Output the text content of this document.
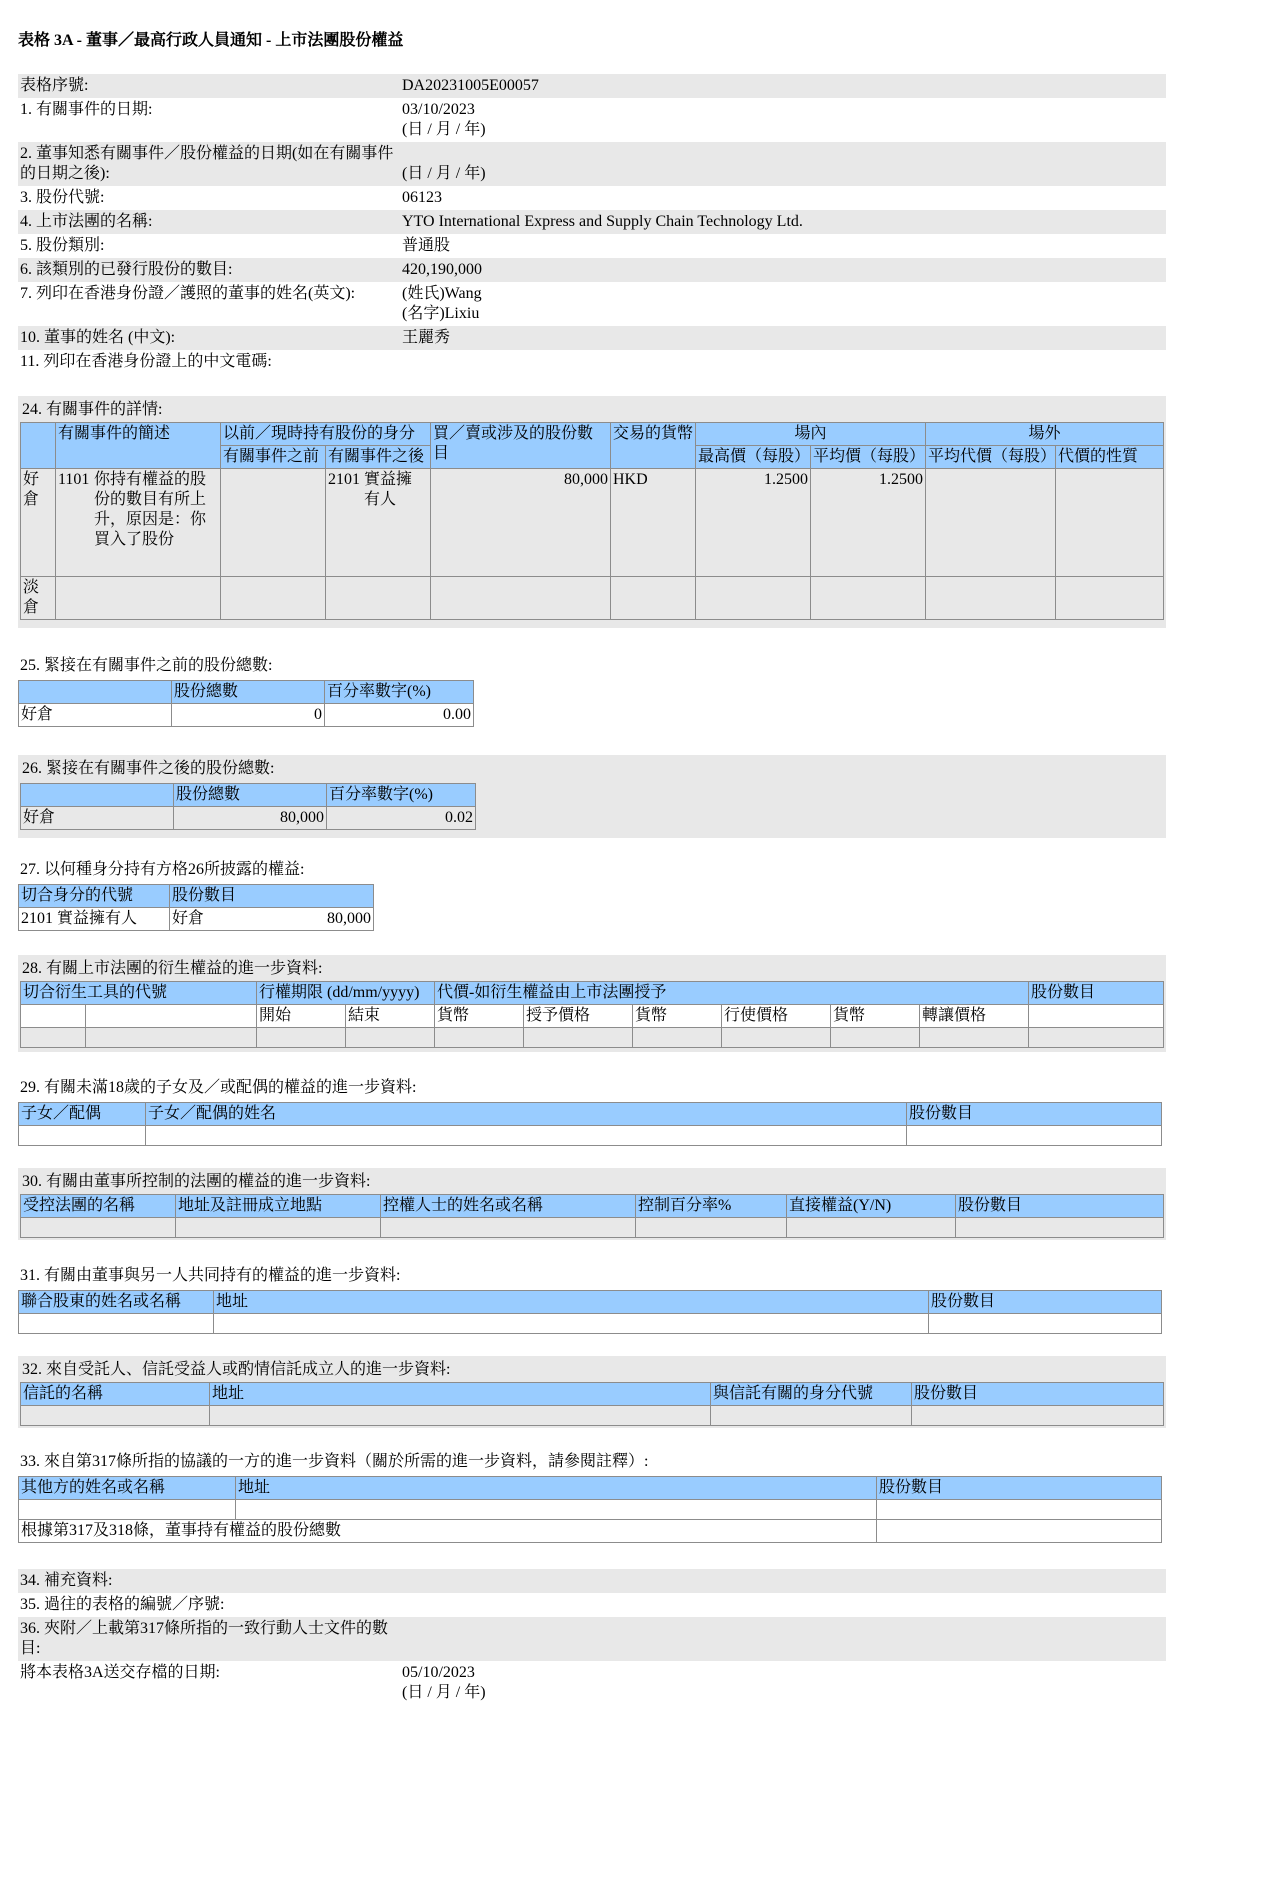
表格 3A - 董事／最高行政人員通知 - 上市法團股份權益
表格序號:	DA20231005E00057
1. 有關事件的日期:	03/10/2023
(日 / 月 / 年)

2. 董事知悉有關事件／股份權益的日期(如在有關事件的日期之後):	(日 / 月 / 年)

3. 股份代號:	06123
4. 上市法團的名稱:	YTO International Express and Supply Chain Technology Ltd.
5. 股份類別:	普通股
6. 該類別的已發行股份的數目:	420,190,000
7. 列印在香港身份證／護照的董事的姓名(英文):	(姓氏)Wang
(名字)Lixiu

10. 董事的姓名 (中文):	王麗秀
11. 列印在香港身份證上的中文電碼:	
24. 有關事件的詳情:
	有關事件的簡述	以前／現時持有股份的身分		買／賣或涉及的股份數目	交易的貨幣	場內		場外	
		有關事件之前	有關事件之後			最高價（每股）	平均價（每股）	平均代價（每股）	代價的性質
好倉	1101 你持有權益的股份的數目有所上升，原因是：你買入了股份		2101 實益擁有人	80,000	HKD	1.2500	1.2500		
淡倉									
25. 緊接在有關事件之前的股份總數:
	股份總數	百分率數字(%)
好倉	0	0.00
26. 緊接在有關事件之後的股份總數:
	股份總數	百分率數字(%)
好倉	80,000	0.02
27. 以何種身分持有方格26所披露的權益:
切合身分的代號	股份數目	
2101 實益擁有人	好倉	80,000
28. 有關上市法團的衍生權益的進一步資料:
切合衍生工具的代號		行權期限 (dd/mm/yyyy)		代價-如衍生權益由上市法團授予						股份數目
		開始	結束	貨幣	授予價格	貨幣	行使價格	貨幣	轉讓價格	

29. 有關未滿18歲的子女及／或配偶的權益的進一步資料:
子女／配偶	子女／配偶的姓名	股份數目

30. 有關由董事所控制的法團的權益的進一步資料:
受控法團的名稱	地址及註冊成立地點	控權人士的姓名或名稱	控制百分率%	直接權益(Y/N)	股份數目

31. 有關由董事與另一人共同持有的權益的進一步資料:
聯合股東的姓名或名稱	地址	股份數目

32. 來自受託人、信託受益人或酌情信託成立人的進一步資料:
信託的名稱	地址	與信託有關的身分代號	股份數目

33. 來自第317條所指的協議的一方的進一步資料（關於所需的進一步資料，請參閱註釋）:
其他方的姓名或名稱	地址	股份數目

根據第317及318條，董事持有權益的股份總數		
34. 補充資料:	
35. 過往的表格的編號／序號:	
36. 夾附／上載第317條所指的一致行動人士文件的數目:	
將本表格3A送交存檔的日期:	05/10/2023
(日 / 月 / 年)
